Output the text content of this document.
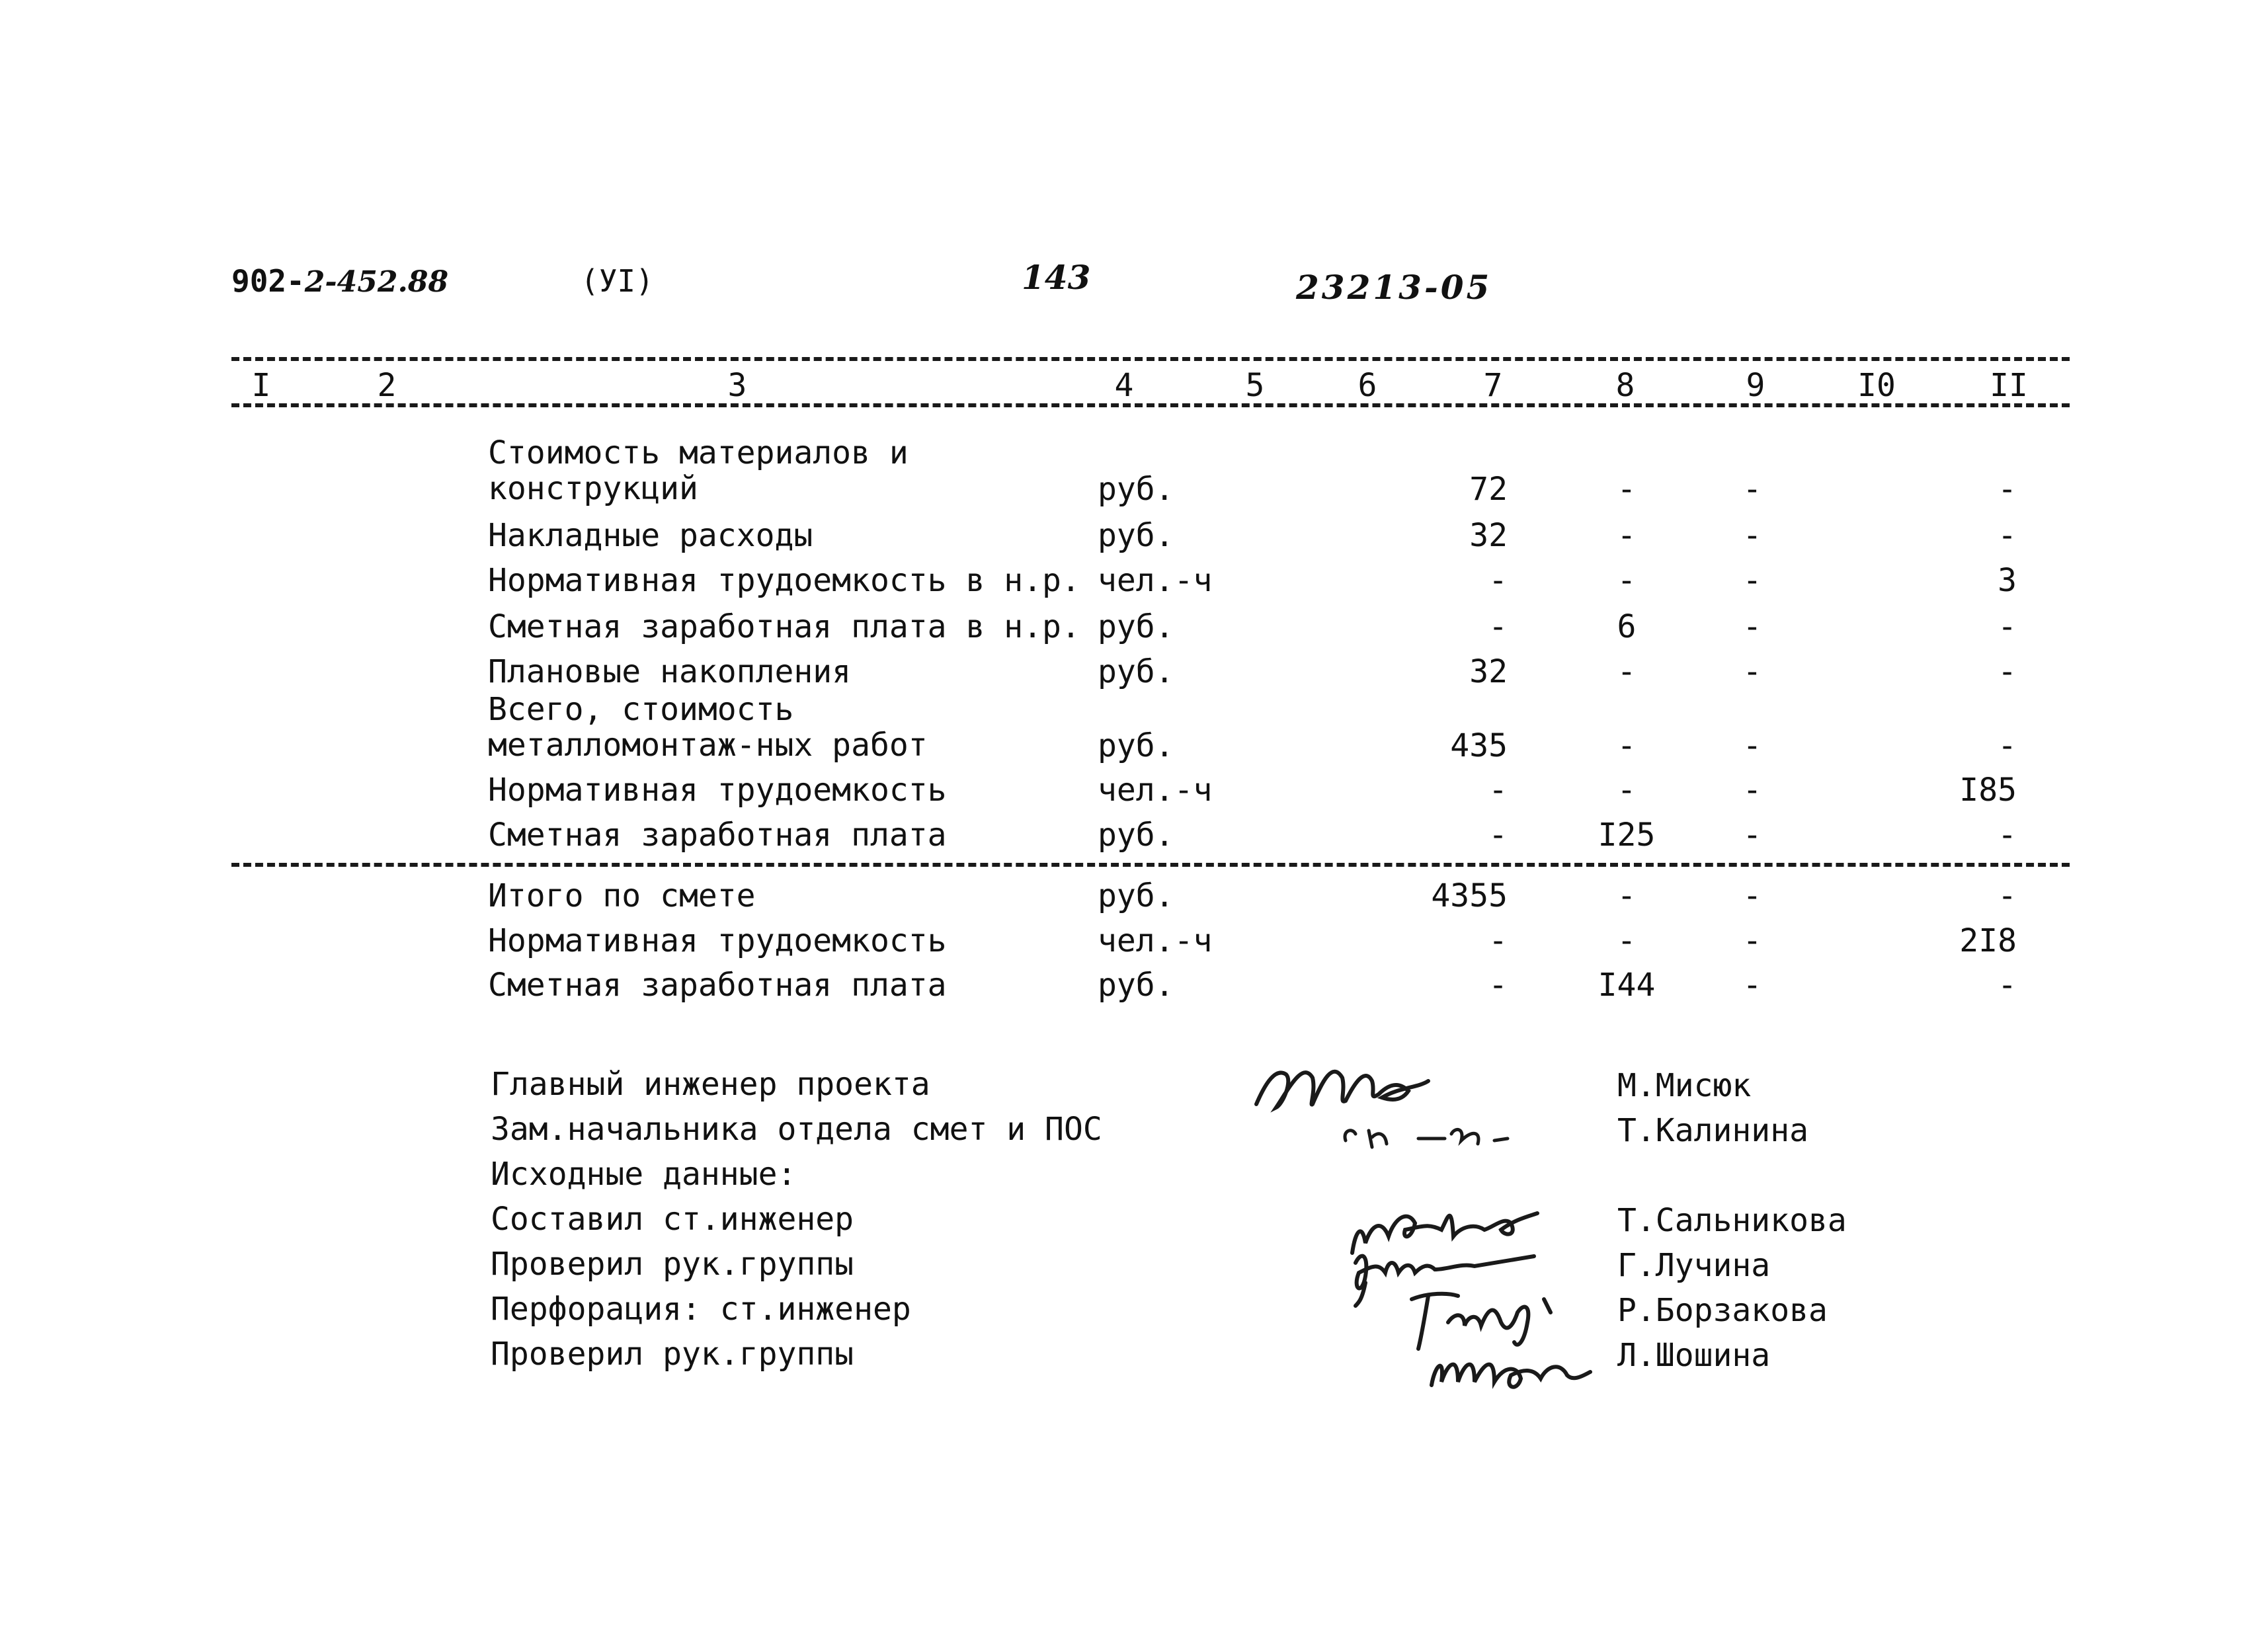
902-2-452.88	(УI)	143	23213-05
I	2	3	4	5	6	7	8	9	I0	II
Стоимость материалов и конструкций	руб.	72	-	-	-
Накладные расходы	руб.	32	-	-	-
Нормативная трудоемкость в н.р. чел.-ч	-	-	-	3
Сметная заработная плата в н.р. руб.	-	6	-	-
Плановые накопления	руб.	32	-	-	-
Всего, стоимость металломонтаж-ных работ	руб.	435	-	-	-
Нормативная трудоемкость	чел.-ч	-	-	-	I85
Сметная заработная плата	руб.	-	I25	-	-
Итого по смете	руб.	4355	-	-	-
Нормативная трудоемкость	чел.-ч	-	-	-	2I8
Сметная заработная плата	руб.	-	I44	-	-
Главный инженер проекта	М.Мисюк
Зам.начальника отдела смет и ПОС	Т.Калинина
Исходные данные:
Составил ст.инженер	Т.Сальникова
Проверил рук.группы	Г.Лучина
Перфорация: ст.инженер	Р.Борзакова
Проверил рук.группы	Л.Шошина
